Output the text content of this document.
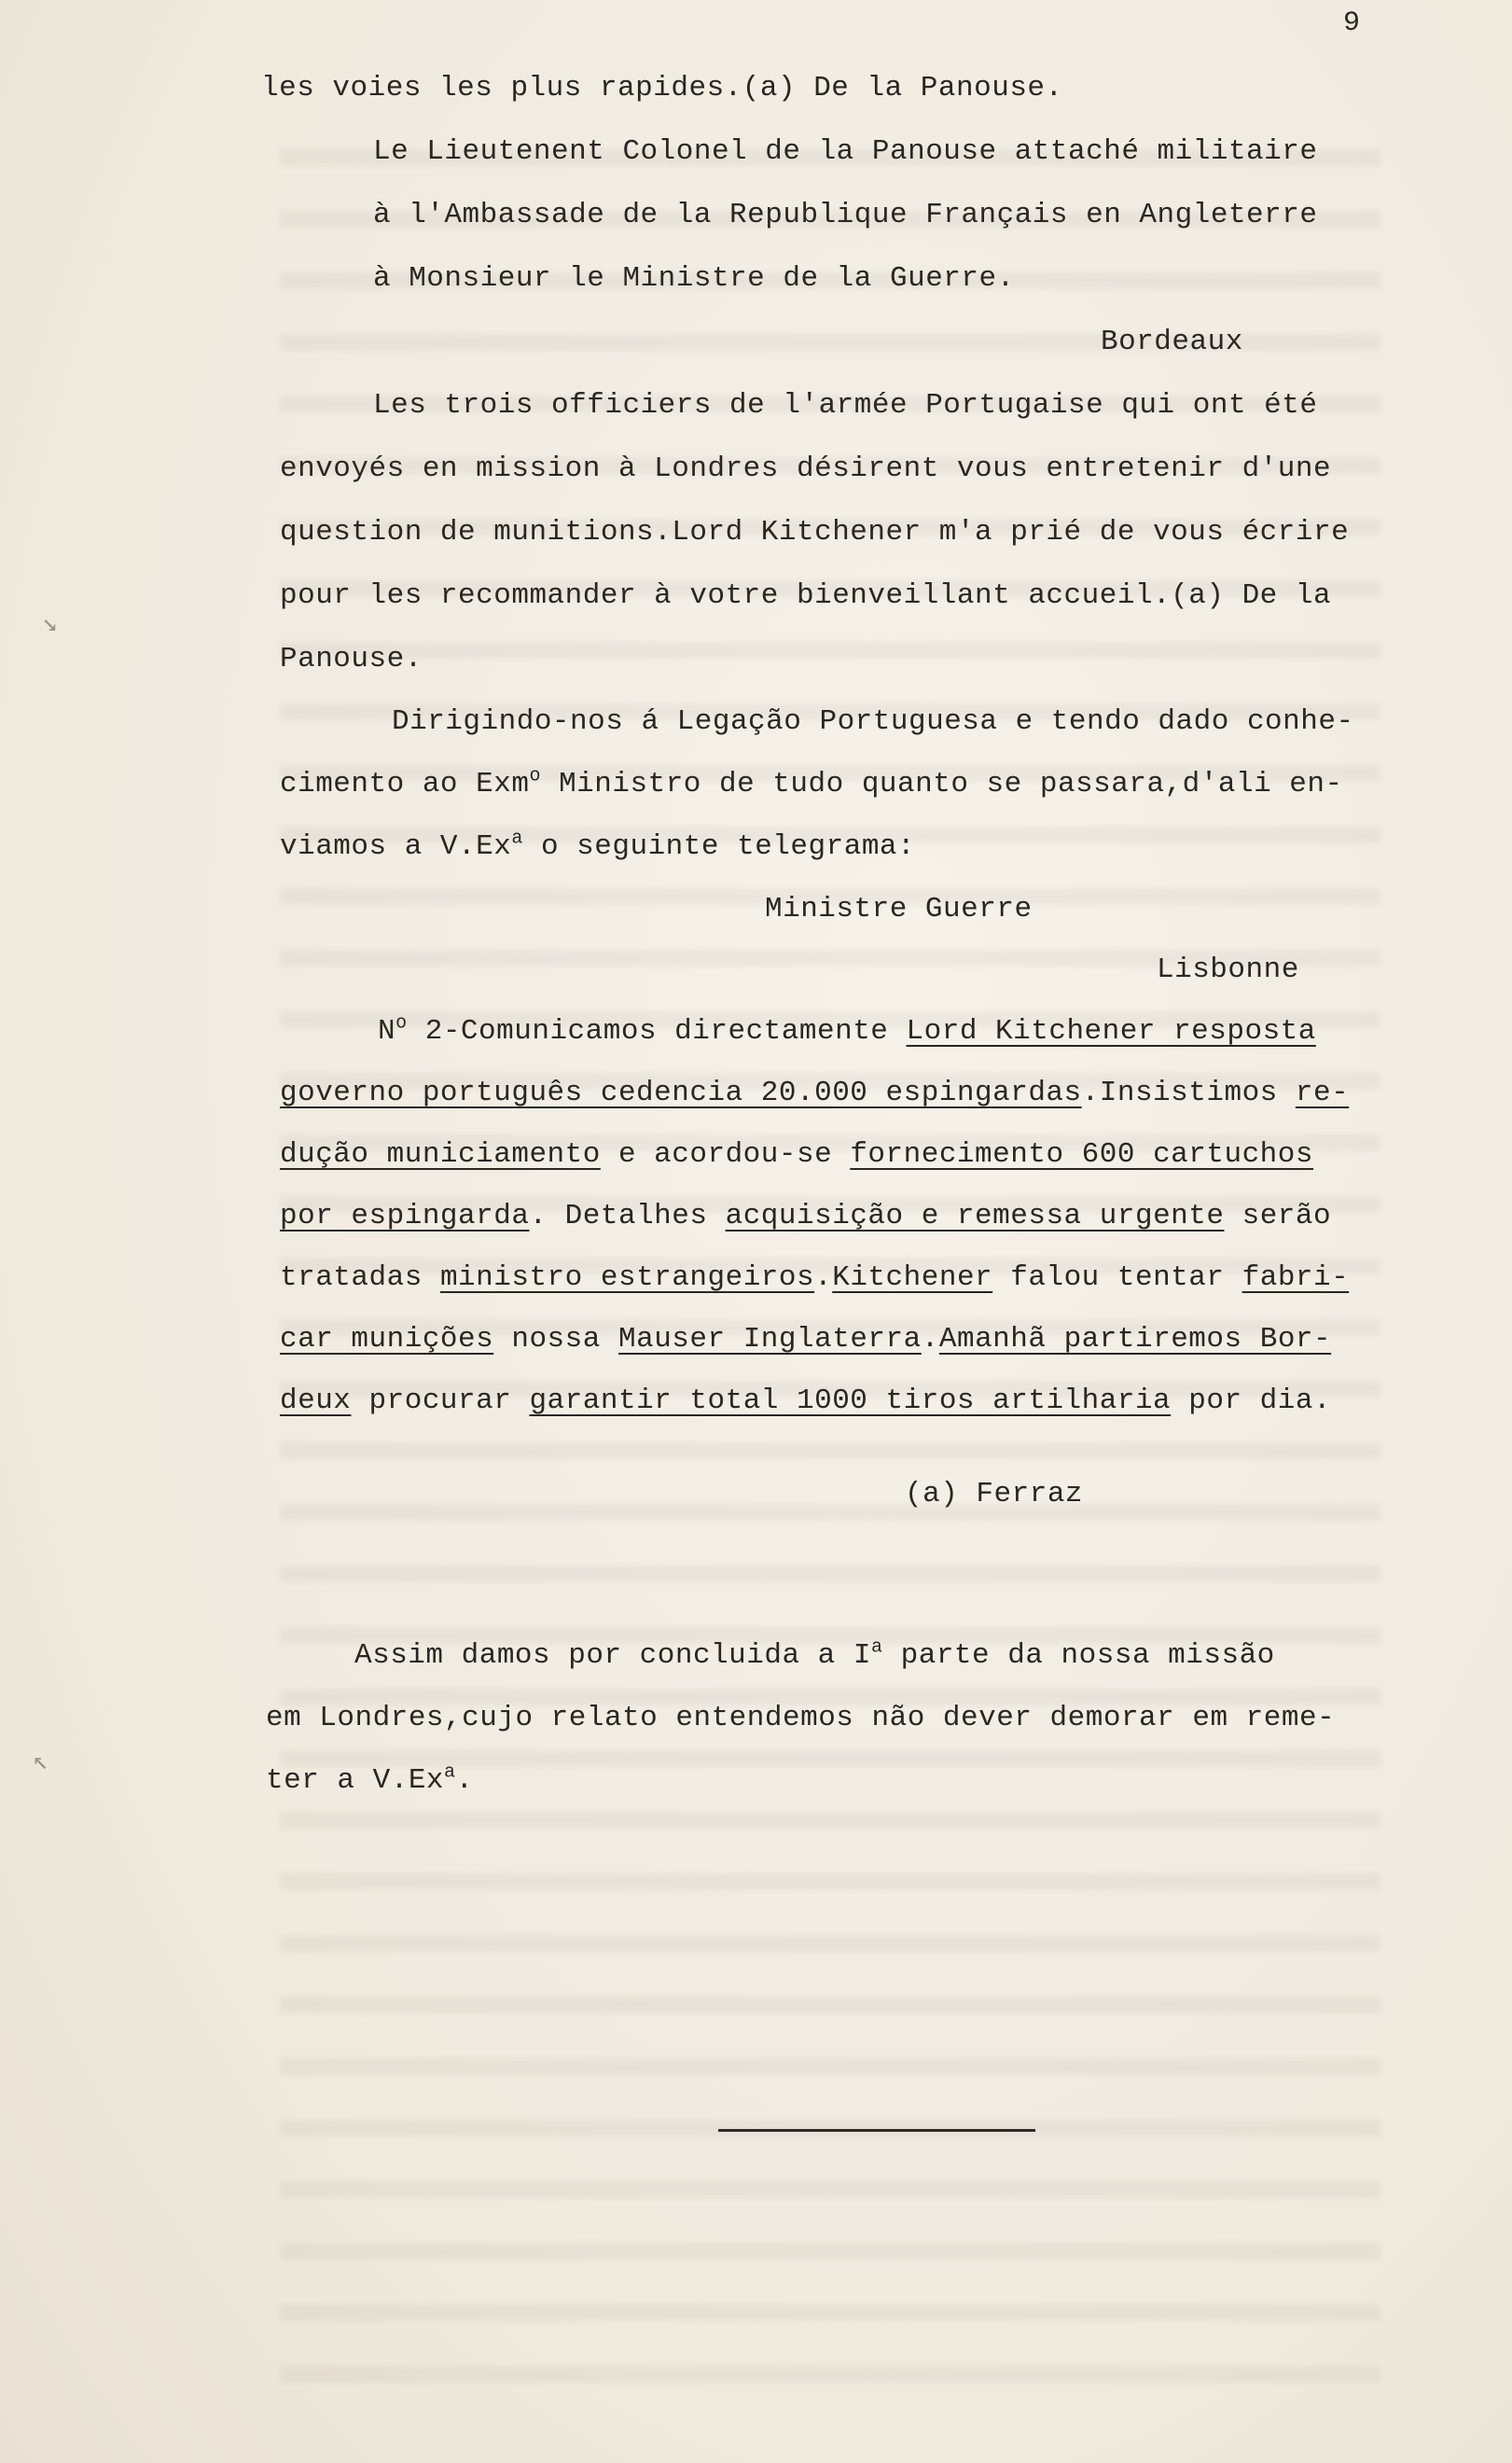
9
les voies les plus rapides.(a) De la Panouse.
Le Lieutenent Colonel de la Panouse attaché militaire
à l'Ambassade de la Republique Français en Angleterre
à Monsieur le Ministre de la Guerre.
Bordeaux
Les trois officiers de l'armée Portugaise qui ont été
envoyés en mission à Londres désirent vous entretenir d'une
question de munitions.Lord Kitchener m'a prié de vous écrire
pour les recommander à votre bienveillant accueil.(a) De la
Panouse.
Dirigindo-nos á Legação Portuguesa e tendo dado conhe-
cimento ao Exm$^o$ Ministro de tudo quanto se passara,d'ali en-
viamos a V.Ex$^a$ o seguinte telegrama:
Ministre Guerre
Lisbonne
$N^o$ 2-Comunicamos directamente Lord Kitchener resposta
governo português cedencia 20.000 espingardas.Insistimos re-
dução municiamento e acordou-se fornecimento 600 cartuchos
por espingarda. Detalhes acquisição e remessa urgente serão
tratadas ministro estrangeiros.Kitchener falou tentar fabri-
car munições nossa Mauser Inglaterra.Amanhã partiremos Bor-
deux procurar garantir total 1000 tiros artilharia por dia.
(a) Ferraz
Assim damos por concluida a $I^a$ parte da nossa missão
em Londres,cujo relato entendemos não dever demorar em reme-
ter a V.Ex$^a$.
↘
↖
